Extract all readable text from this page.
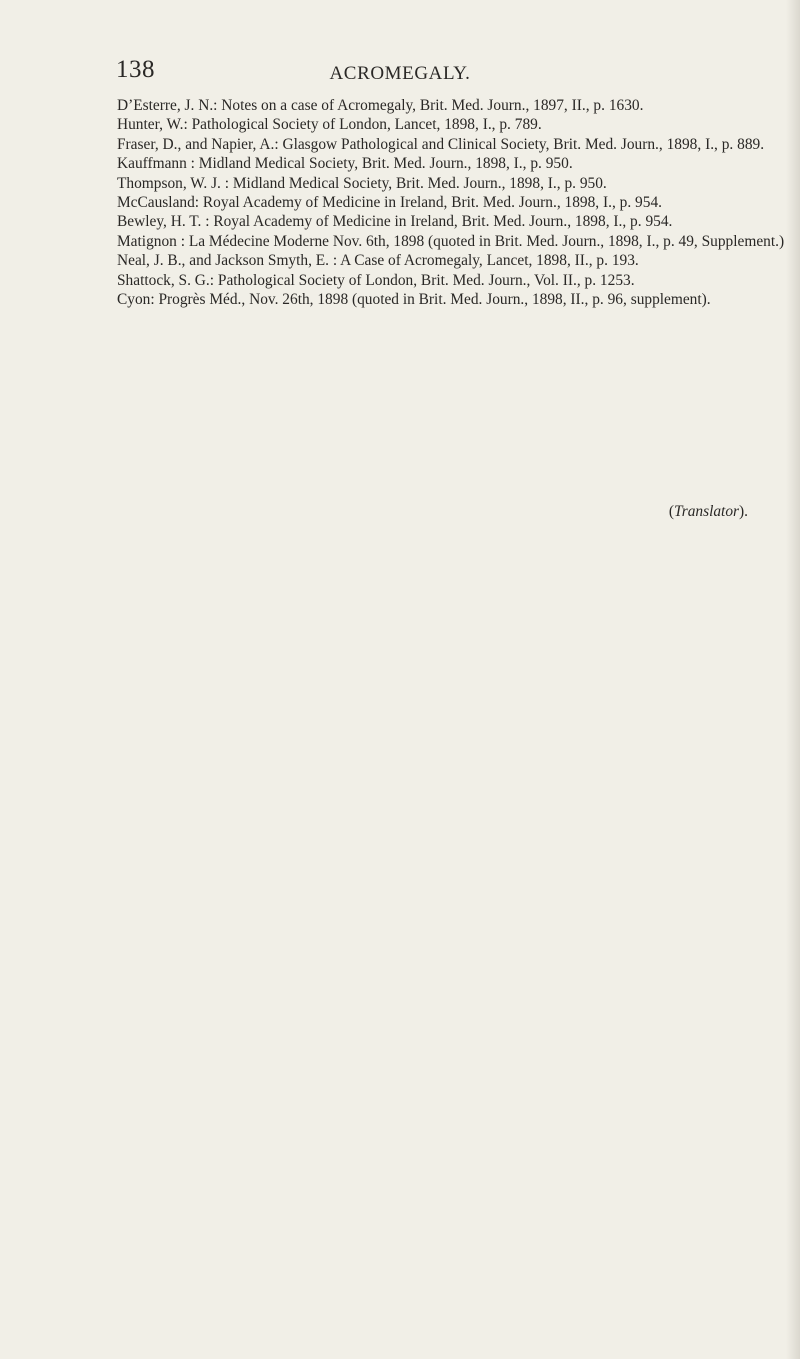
138	ACROMEGALY.
D’Esterre, J. N.: Notes on a case of Acromegaly, Brit. Med. Journ., 1897, II., p. 1630.
Hunter, W.: Pathological Society of London, Lancet, 1898, I., p. 789.
Fraser, D., and Napier, A.: Glasgow Pathological and Clinical Society, Brit. Med. Journ., 1898, I., p. 889.
Kauffmann : Midland Medical Society, Brit. Med. Journ., 1898, I., p. 950.
Thompson, W. J. : Midland Medical Society, Brit. Med. Journ., 1898, I., p. 950.
McCausland: Royal Academy of Medicine in Ireland, Brit. Med. Journ., 1898, I., p. 954.
Bewley, H. T. : Royal Academy of Medicine in Ireland, Brit. Med. Journ., 1898, I., p. 954.
Matignon : La Médecine Moderne Nov. 6th, 1898 (quoted in Brit. Med. Journ., 1898, I., p. 49, Supplement.)
Neal, J. B., and Jackson Smyth, E. : A Case of Acromegaly, Lancet, 1898, II., p. 193.
Shattock, S. G.: Pathological Society of London, Brit. Med. Journ., Vol. II., p. 1253.
Cyon: Progrès Méd., Nov. 26th, 1898 (quoted in Brit. Med. Journ., 1898, II., p. 96, supplement).
(Translator).
